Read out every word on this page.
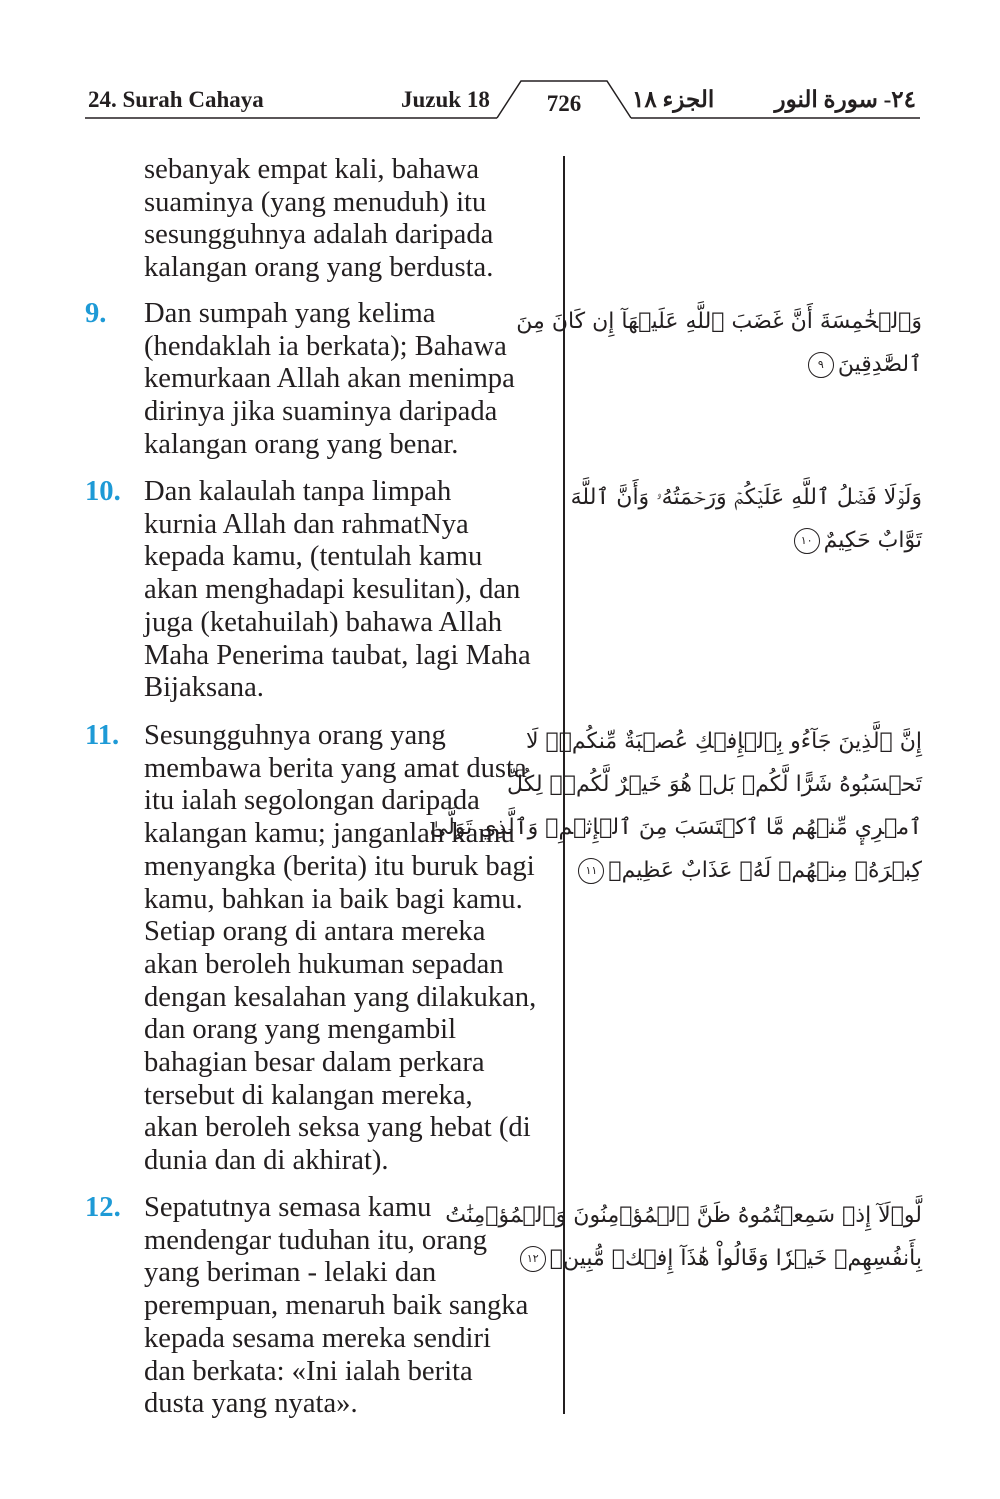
24. Surah Cahaya	Juzuk 18	726	الجزء ١٨	٢٤- سورة النور
sebanyak empat kali, bahawa
suaminya (yang menuduh) itu
sesungguhnya adalah daripada
kalangan orang yang berdusta.
9. Dan sumpah yang kelima
(hendaklah ia berkata); Bahawa
kemurkaan Allah akan menimpa
dirinya jika suaminya daripada
kalangan orang yang benar.
وَٱلۡخَٰمِسَةَ أَنَّ غَضَبَ ٱللَّهِ عَلَيۡهَآ إِن كَانَ مِنَ
ٱلصَّٰدِقِينَ٩
10. Dan kalaulah tanpa limpah
kurnia Allah dan rahmatNya
kepada kamu, (tentulah kamu
akan menghadapi kesulitan), dan
juga (ketahuilah) bahawa Allah
Maha Penerima taubat, lagi Maha
Bijaksana.
وَلَوۡلَا فَضۡلُ ٱللَّهِ عَلَيۡكُمۡ وَرَحۡمَتُهُۥ وَأَنَّ ٱللَّهَ
تَوَّابٌ حَكِيمٌ١٠
11. Sesungguhnya orang yang
membawa berita yang amat dusta
itu ialah segolongan daripada
kalangan kamu; janganlah kamu
menyangka (berita) itu buruk bagi
kamu, bahkan ia baik bagi kamu.
Setiap orang di antara mereka
akan beroleh hukuman sepadan
dengan kesalahan yang dilakukan,
dan orang yang mengambil
bahagian besar dalam perkara
tersebut di kalangan mereka,
akan beroleh seksa yang hebat (di
dunia dan di akhirat).
إِنَّ ٱلَّذِينَ جَآءُو بِٱلۡإِفۡكِ عُصۡبَةٌ مِّنكُمۡۚ لَا
تَحۡسَبُوهُ شَرًّا لَّكُمۖ بَلۡ هُوَ خَيۡرٌ لَّكُمۡۚ لِكُلِّ
ٱمۡرِيٕ مِّنۡهُم مَّا ٱكۡتَسَبَ مِنَ ٱلۡإِثۡمِۚ وَٱلَّذِي تَوَلَّىٰ
كِبۡرَهُۥ مِنۡهُمۡ لَهُۥ عَذَابٌ عَظِيمٞ١١
12. Sepatutnya semasa kamu
mendengar tuduhan itu, orang
yang beriman - lelaki dan
perempuan, menaruh baik sangka
kepada sesama mereka sendiri
dan berkata: «Ini ialah berita
dusta yang nyata».
لَّوۡلَآ إِذۡ سَمِعۡتُمُوهُ ظَنَّ ٱلۡمُؤۡمِنُونَ وَٱلۡمُؤۡمِنَٰتُ
بِأَنفُسِهِمۡ خَيۡرٗا وَقَالُواْ هَٰذَآ إِفۡكٞ مُّبِينٞ١٢
